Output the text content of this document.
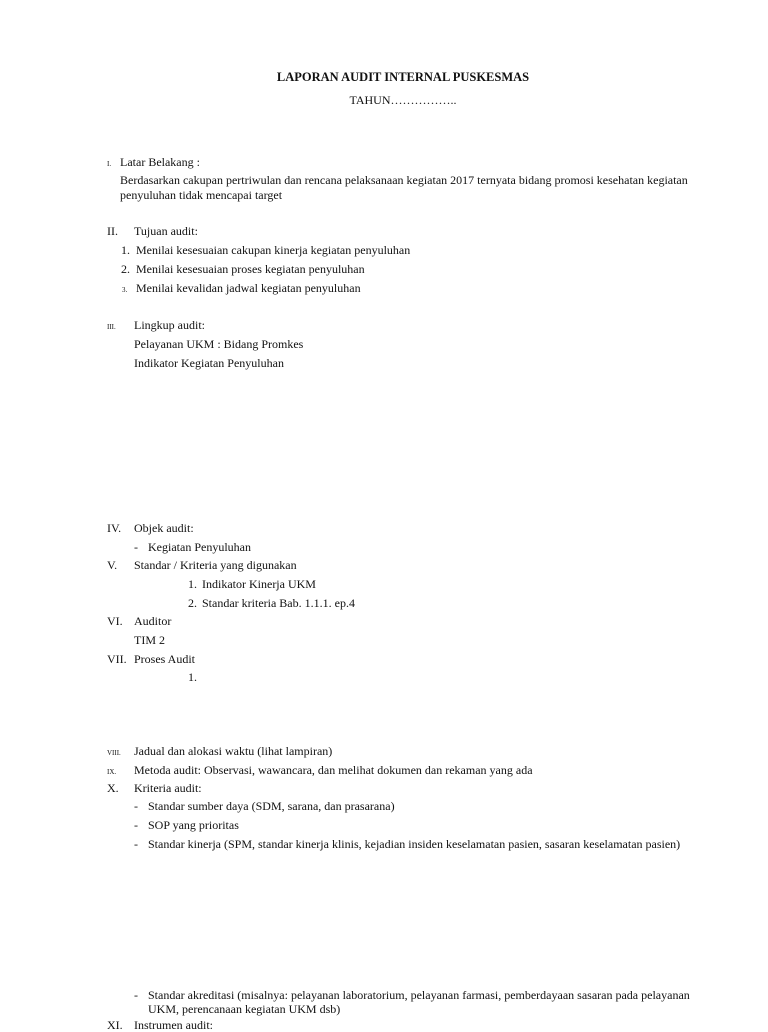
LAPORAN AUDIT INTERNAL PUSKESMAS
TAHUN……………..
I. Latar Belakang :
Berdasarkan cakupan pertriwulan dan rencana pelaksanaan kegiatan 2017 ternyata bidang promosi kesehatan kegiatan
penyuluhan tidak mencapai target
II. Tujuan audit:
1. Menilai kesesuaian cakupan kinerja kegiatan penyuluhan
2. Menilai kesesuaian proses kegiatan penyuluhan
3. Menilai kevalidan jadwal kegiatan penyuluhan
III. Lingkup audit:
Pelayanan UKM : Bidang Promkes
Indikator Kegiatan Penyuluhan
IV. Objek audit:
- Kegiatan Penyuluhan
V. Standar / Kriteria yang digunakan
1. Indikator Kinerja UKM
2. Standar kriteria Bab. 1.1.1. ep.4
VI. Auditor
TIM 2
VII. Proses Audit
1.
VIII. Jadual dan alokasi waktu (lihat lampiran)
IX. Metoda audit: Observasi, wawancara, dan melihat dokumen dan rekaman yang ada
X. Kriteria audit:
- Standar sumber daya (SDM, sarana, dan prasarana)
- SOP yang prioritas
- Standar kinerja (SPM, standar kinerja klinis, kejadian insiden keselamatan pasien, sasaran keselamatan pasien)
- Standar akreditasi (misalnya: pelayanan laboratorium, pelayanan farmasi, pemberdayaan sasaran pada pelayanan
UKM, perencanaan kegiatan UKM dsb)
XI. Instrumen audit:
